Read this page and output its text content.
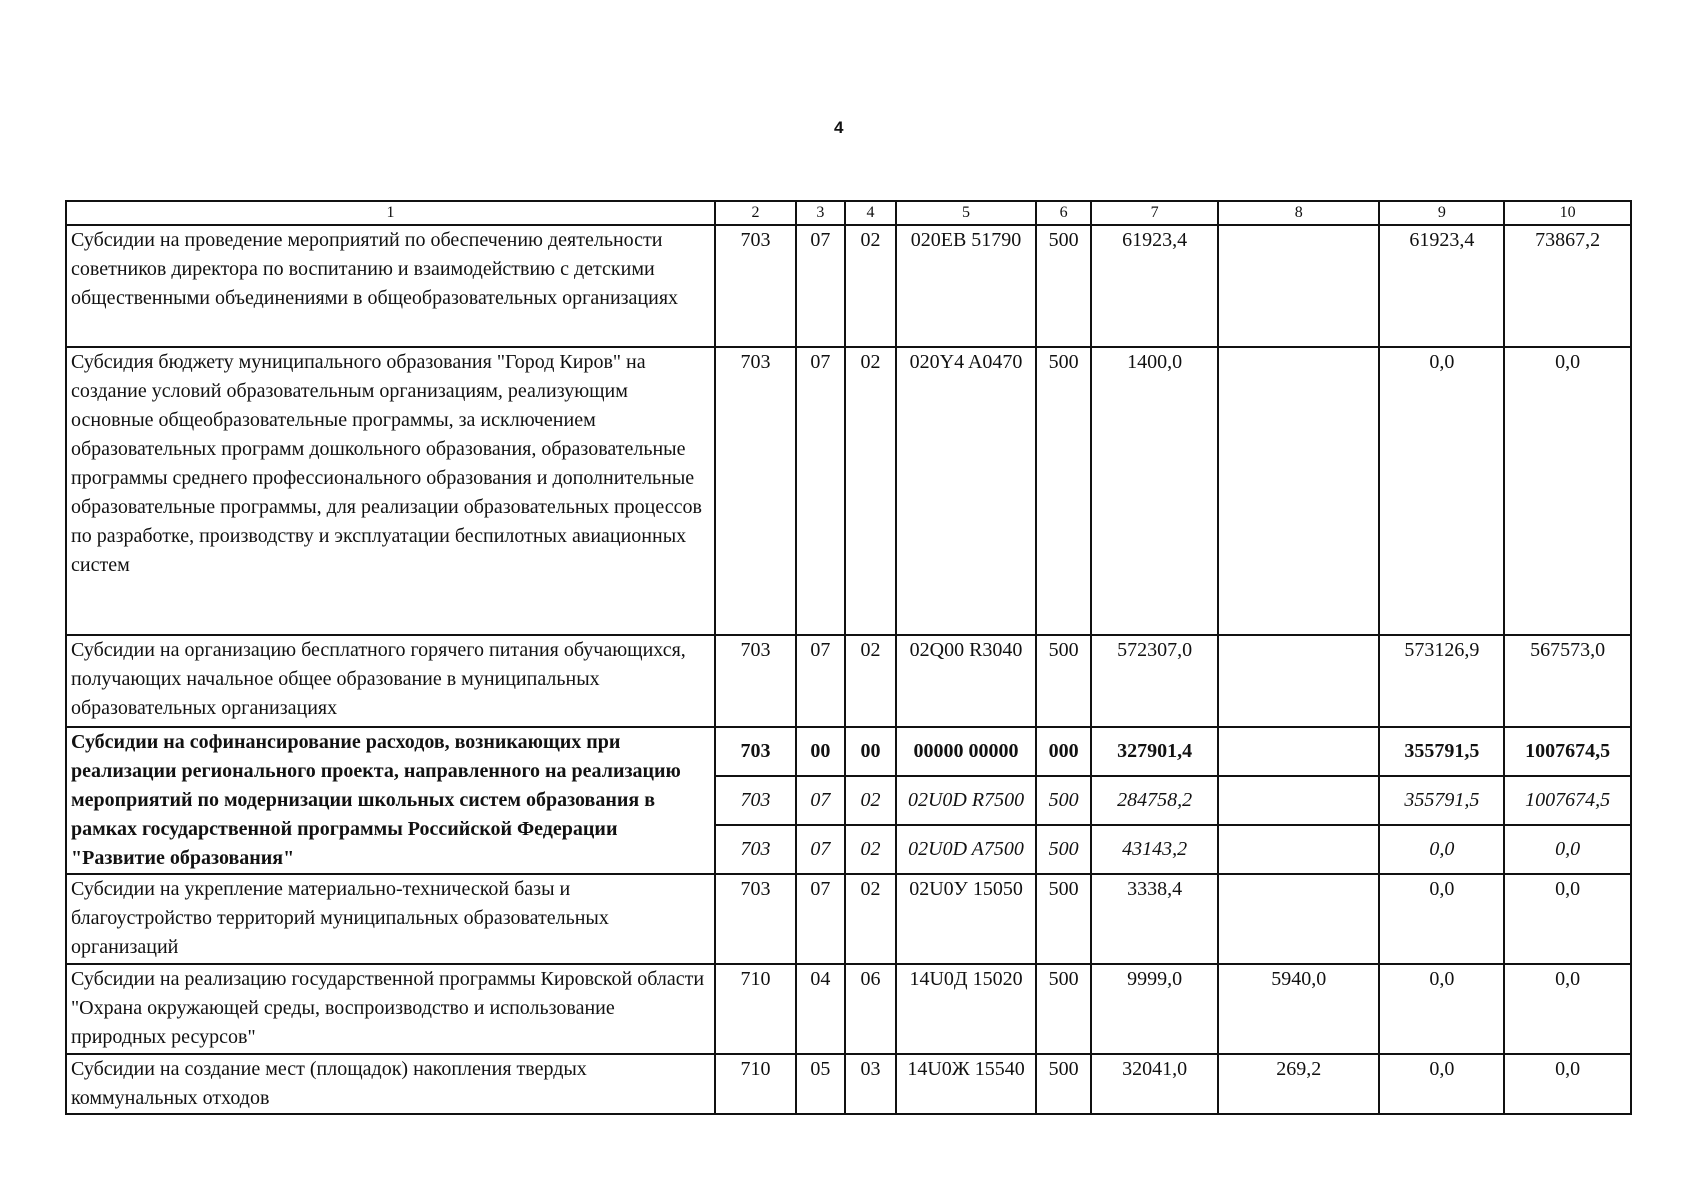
4
1	2	3	4	5	6	7	8	9	10
Субсидии на проведение мероприятий по обеспечению деятельности советников директора по воспитанию и взаимодействию с детскими общественными объединениями в общеобразовательных организациях	703	07	02	020ЕВ 51790	500	61923,4		61923,4	73867,2
Субсидия бюджету муниципального образования "Город Киров" на создание условий образовательным организациям, реализующим основные общеобразовательные программы, за исключением образовательных программ дошкольного образования, образовательные программы среднего профессионального образования и дополнительные образовательные программы, для реализации образовательных процессов по разработке, производству и эксплуатации беспилотных авиационных систем	703	07	02	020Y4 A0470	500	1400,0		0,0	0,0
Субсидии на организацию бесплатного горячего питания обучающихся, получающих начальное общее образование в муниципальных образовательных организациях	703	07	02	02Q00 R3040	500	572307,0		573126,9	567573,0
Субсидии на софинансирование расходов, возникающих при реализации регионального проекта, направленного на реализацию мероприятий по модернизации школьных систем образования в рамках государственной программы Российской Федерации "Развитие образования"	703	00	00	00000 00000	000	327901,4		355791,5	1007674,5
	703	07	02	02U0D R7500	500	284758,2		355791,5	1007674,5
	703	07	02	02U0D A7500	500	43143,2		0,0	0,0
Субсидии на укрепление материально-технической базы и благоустройство территорий муниципальных образовательных организаций	703	07	02	02U0У 15050	500	3338,4		0,0	0,0
Субсидии на реализацию государственной программы Кировской области "Охрана окружающей среды, воспроизводство и использование природных ресурсов"	710	04	06	14U0Д 15020	500	9999,0	5940,0	0,0	0,0
Субсидии на создание мест (площадок) накопления твердых коммунальных отходов	710	05	03	14U0Ж 15540	500	32041,0	269,2	0,0	0,0
